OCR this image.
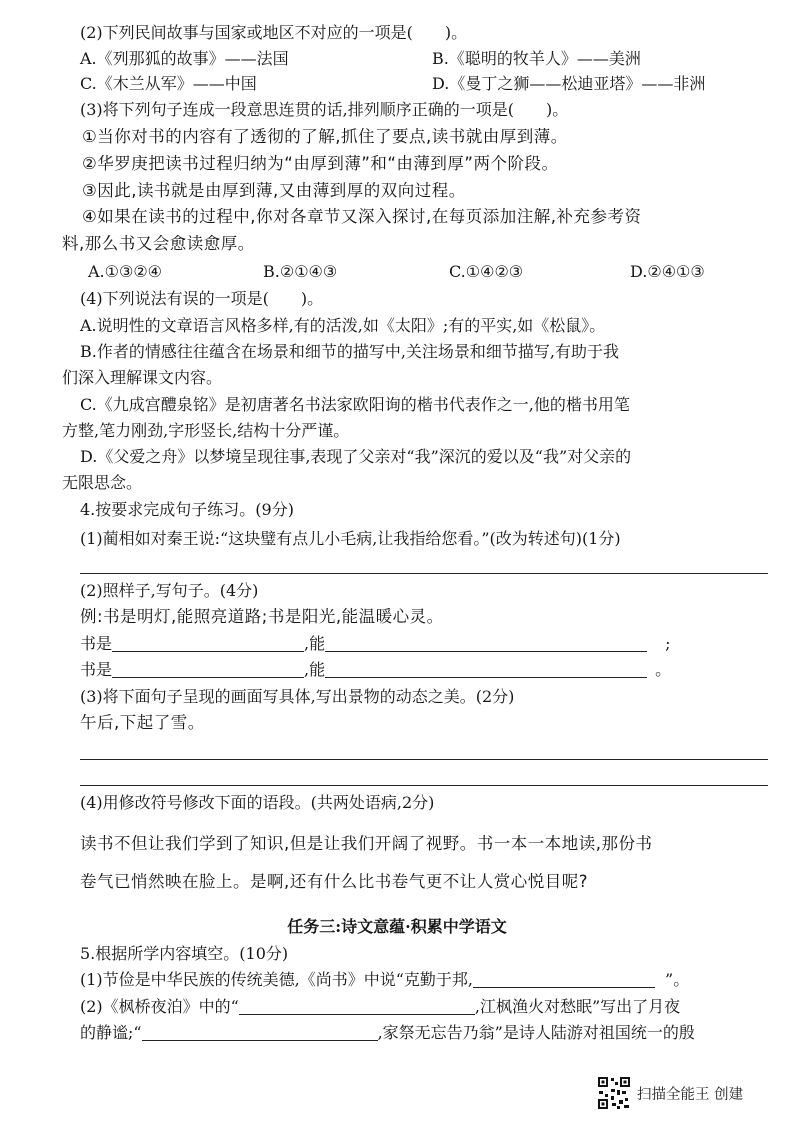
(2)下列民间故事与国家或地区不对应的一项是(　　)。
A.《列那狐的故事》——法国	B.《聪明的牧羊人》——美洲
C.《木兰从军》——中国	D.《曼丁之狮——松迪亚塔》——非洲
(3)将下列句子连成一段意思连贯的话,排列顺序正确的一项是(　　)。
①当你对书的内容有了透彻的了解,抓住了要点,读书就由厚到薄。
②华罗庚把读书过程归纳为“由厚到薄”和“由薄到厚”两个阶段。
③因此,读书就是由厚到薄,又由薄到厚的双向过程。
④如果在读书的过程中,你对各章节又深入探讨,在每页添加注解,补充参考资
料,那么书又会愈读愈厚。
A.①③②④	B.②①④③	C.①④②③	D.②④①③
(4)下列说法有误的一项是(　　)。
A.说明性的文章语言风格多样,有的活泼,如《太阳》;有的平实,如《松鼠》。
B.作者的情感往往蕴含在场景和细节的描写中,关注场景和细节描写,有助于我
们深入理解课文内容。
C.《九成宫醴泉铭》是初唐著名书法家欧阳询的楷书代表作之一,他的楷书用笔
方整,笔力刚劲,字形竖长,结构十分严谨。
D.《父爱之舟》以梦境呈现往事,表现了父亲对“我”深沉的爱以及“我”对父亲的
无限思念。
4.按要求完成句子练习。(9分)
(1)蔺相如对秦王说:“这块璧有点儿小毛病,让我指给您看。”(改为转述句)(1分)
(2)照样子,写句子。(4分)
例:书是明灯,能照亮道路;书是阳光,能温暖心灵。
书是	,能	;
书是	,能	。
(3)将下面句子呈现的画面写具体,写出景物的动态之美。(2分)
午后,下起了雪。
(4)用修改符号修改下面的语段。(共两处语病,2分)
读书不但让我们学到了知识,但是让我们开阔了视野。书一本一本地读,那份书
卷气已悄然映在脸上。是啊,还有什么比书卷气更不让人赏心悦目呢?
任务三:诗文意蕴·积累中学语文
5.根据所学内容填空。(10分)
(1)节俭是中华民族的传统美德,《尚书》中说“克勤于邦,	”。
(2)《枫桥夜泊》中的“	,江枫渔火对愁眠”写出了月夜
的静谧;“	,家祭无忘告乃翁”是诗人陆游对祖国统一的殷
扫描全能王 创建
